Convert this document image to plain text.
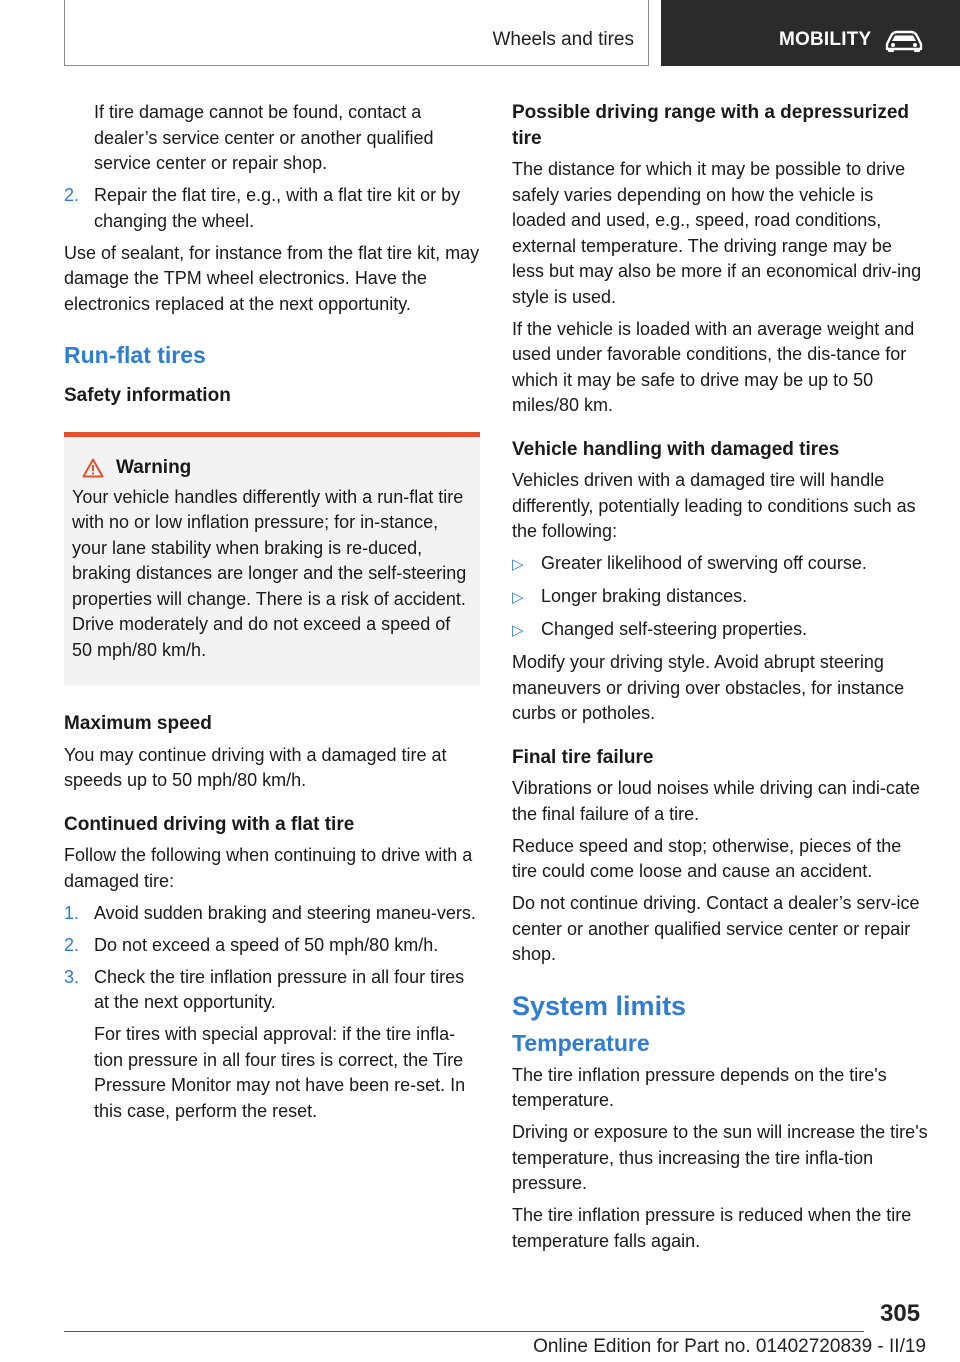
Wheels and tires	MOBILITY

If tire damage cannot be found, contact a dealer’s service center or another qualified service center or repair shop.

2. Repair the flat tire, e.g., with a flat tire kit or by changing the wheel.

Use of sealant, for instance from the flat tire kit, may damage the TPM wheel electronics. Have the electronics replaced at the next opportunity.

Run-flat tires
Safety information
Warning
Your vehicle handles differently with a run-flat tire with no or low inflation pressure; for in-stance, your lane stability when braking is re-duced, braking distances are longer and the self-steering properties will change. There is a risk of accident. Drive moderately and do not exceed a speed of 50 mph/80 km/h.
Maximum speed

You may continue driving with a damaged tire at speeds up to 50 mph/80 km/h.

Continued driving with a flat tire

Follow the following when continuing to drive with a damaged tire:

1. Avoid sudden braking and steering maneu-vers.
2. Do not exceed a speed of 50 mph/80 km/h.
3. Check the tire inflation pressure in all four tires at the next opportunity.

For tires with special approval: if the tire infla-tion pressure in all four tires is correct, the Tire Pressure Monitor may not have been re-set. In this case, perform the reset.

Possible driving range with a depressurized tire

The distance for which it may be possible to drive safely varies depending on how the vehicle is loaded and used, e.g., speed, road conditions, external temperature. The driving range may be less but may also be more if an economical driv-ing style is used.

If the vehicle is loaded with an average weight and used under favorable conditions, the dis-tance for which it may be safe to drive may be up to 50 miles/80 km.

Vehicle handling with damaged tires

Vehicles driven with a damaged tire will handle differently, potentially leading to conditions such as the following:

▷ Greater likelihood of swerving off course.
▷ Longer braking distances.
▷ Changed self-steering properties.

Modify your driving style. Avoid abrupt steering maneuvers or driving over obstacles, for instance curbs or potholes.

Final tire failure

Vibrations or loud noises while driving can indi-cate the final failure of a tire.

Reduce speed and stop; otherwise, pieces of the tire could come loose and cause an accident.

Do not continue driving. Contact a dealer’s serv-ice center or another qualified service center or repair shop.

System limits
Temperature

The tire inflation pressure depends on the tire's temperature.

Driving or exposure to the sun will increase the tire's temperature, thus increasing the tire infla-tion pressure.

The tire inflation pressure is reduced when the tire temperature falls again.

305
Online Edition for Part no. 01402720839 - II/19
